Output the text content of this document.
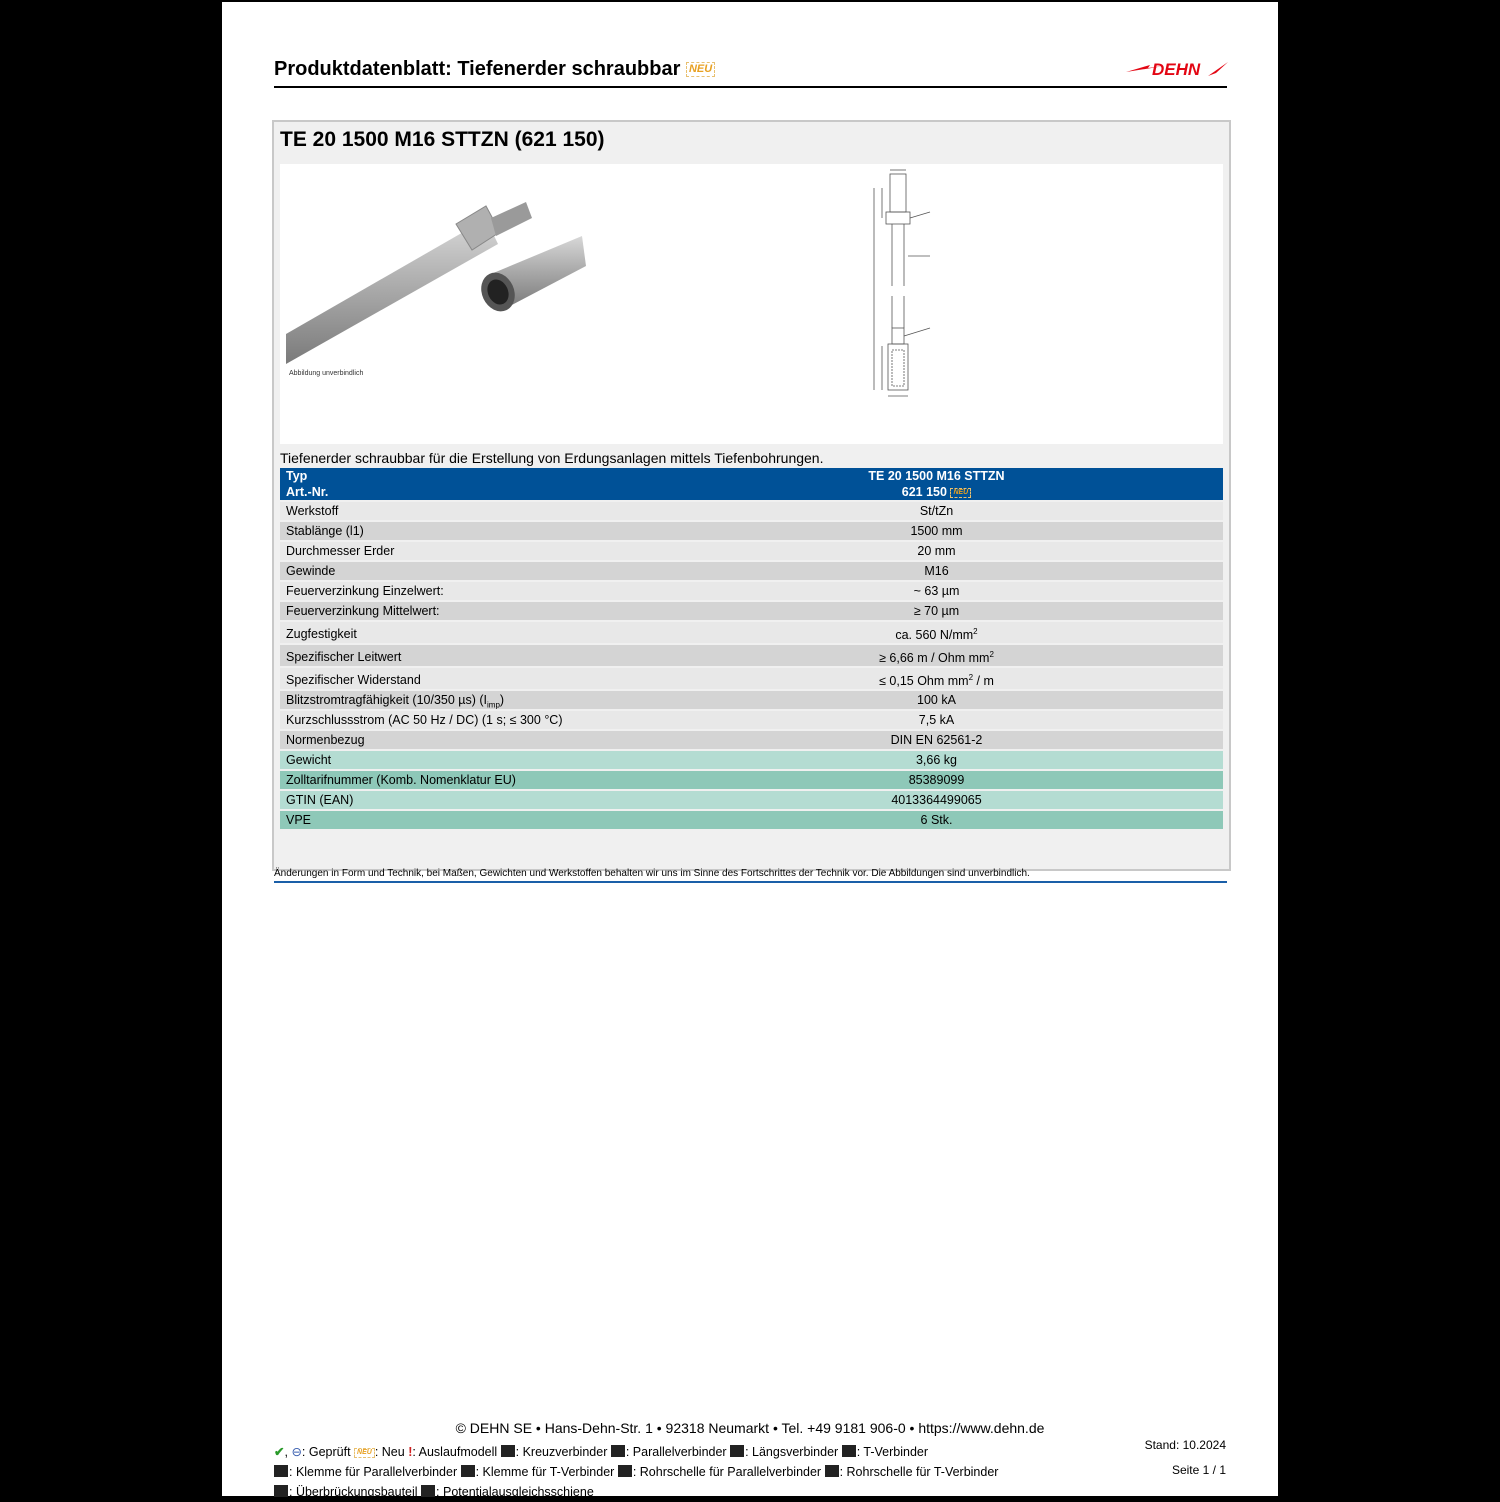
Produktdatenblatt: Tiefenerder schraubbar NEU	DEHN
TE 20 1500 M16 STTZN (621 150)
Abbildung unverbindlich
Tiefenerder schraubbar für die Erstellung von Erdungsanlagen mittels Tiefenbohrungen.
Typ	TE 20 1500 M16 STTZN
Art.-Nr.	621 150 NEU
Werkstoff	St/tZn
Stablänge (l1)	1500 mm
Durchmesser Erder	20 mm
Gewinde	M16
Feuerverzinkung Einzelwert:	~ 63 µm
Feuerverzinkung Mittelwert:	≥ 70 µm
Zugfestigkeit	ca. 560 $N/mm^2$
Spezifischer Leitwert	≥ 6,66 m / Ohm $mm^2$
Spezifischer Widerstand	≤ 0,15 Ohm $mm^2$ / m
Blitzstromtragfähigkeit (10/350 µs) $(I_{imp})$	100 kA
Kurzschlussstrom (AC 50 Hz / DC) (1 s; ≤ 300 °C)	7,5 kA
Normenbezug	DIN EN 62561-2
Gewicht	3,66 kg
Zolltarifnummer (Komb. Nomenklatur EU)	85389099
GTIN (EAN)	4013364499065
VPE	6 Stk.
Änderungen in Form und Technik, bei Maßen, Gewichten und Werkstoffen behalten wir uns im Sinne des Fortschrittes der Technik vor. Die Abbildungen sind unverbindlich.
© DEHN SE • Hans-Dehn-Str. 1 • 92318 Neumarkt • Tel. +49 9181 906-0 • https://www.dehn.de
✔, ⊖: Geprüft NEU : Neu !: Auslaufmodell : Kreuzverbinder : Parallelverbinder : Längsverbinder : T-Verbinder
: Klemme für Parallelverbinder : Klemme für T-Verbinder : Rohrschelle für Parallelverbinder : Rohrschelle für T-Verbinder
: Überbrückungsbauteil : Potentialausgleichsschiene
Stand: 10.2024
Seite 1 / 1
